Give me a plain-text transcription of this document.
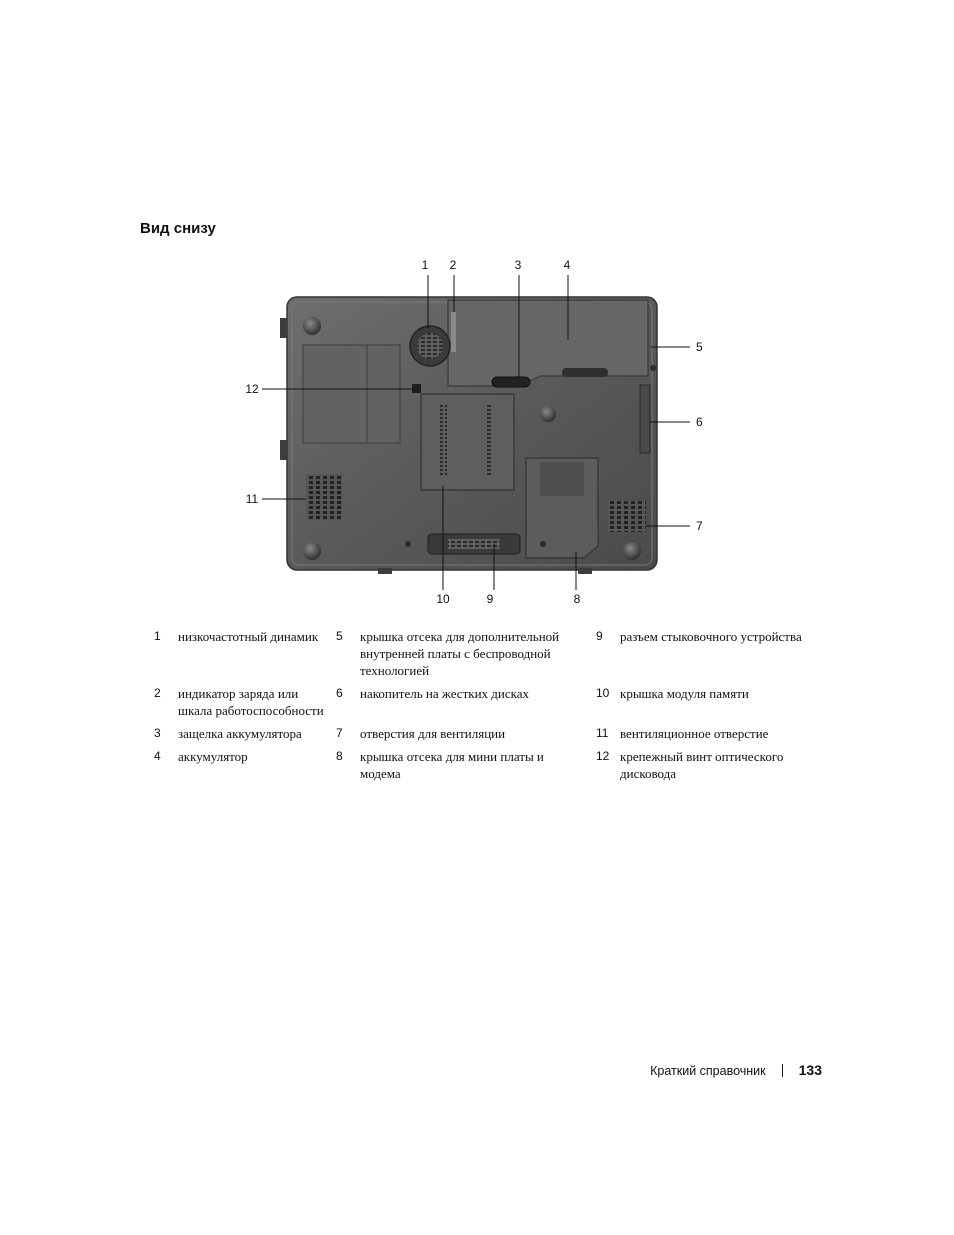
Вид снизу
1 2	3	4
5
6
7
8
9
10
11
12
1	низкочастотный динамик	5	крышка отсека для дополнительной внутренней платы с беспроводной технологией	9	разъем стыковочного устройства
2	индикатор заряда или шкала работоспособности	6	накопитель на жестких дисках	10	крышка модуля памяти
3	защелка аккумулятора	7	отверстия для вентиляции	11	вентиляционное отверстие
4	аккумулятор	8	крышка отсека для мини платы и модема	12	крепежный винт оптического дисковода
Краткий справочник 133
